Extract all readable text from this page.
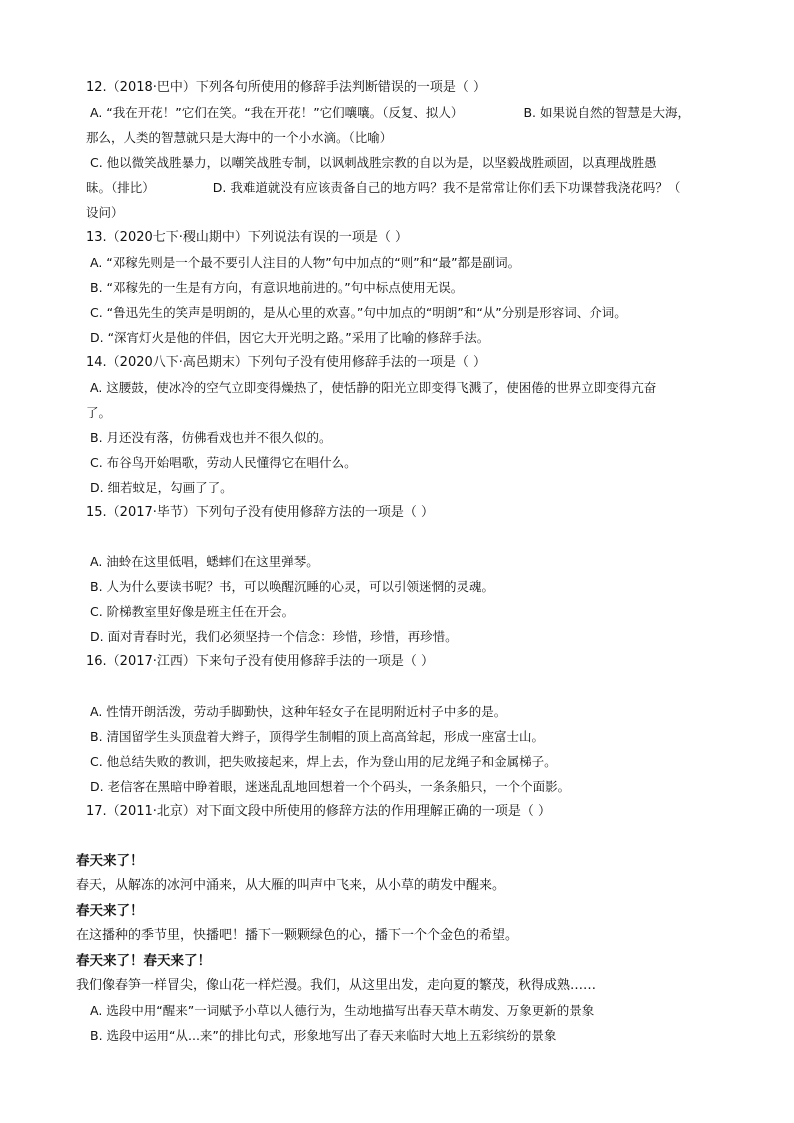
12.（2018·巴中）下列各句所使用的修辞手法判断错误的一项是（ ）
A. “我在开花！”它们在笑。“我在开花！”它们嚷嚷。（反复、拟人）	B. 如果说自然的智慧是大海，
那么，人类的智慧就只是大海中的一个小水滴。（比喻）
C. 他以微笑战胜暴力，以嘲笑战胜专制，以讽刺战胜宗教的自以为是，以坚毅战胜顽固，以真理战胜愚
昧。（排比）	D. 我难道就没有应该责备自己的地方吗？我不是常常让你们丢下功课替我浇花吗？（
设问）
13.（2020七下·稷山期中）下列说法有误的一项是（ ）
A. “邓稼先则是一个最不要引人注目的人物”句中加点的“则”和“最”都是副词。
B. “邓稼先的一生是有方向，有意识地前进的。”句中标点使用无误。
C. “鲁迅先生的笑声是明朗的，是从心里的欢喜。”句中加点的“明朗”和“从”分别是形容词、介词。
D. “深宵灯火是他的伴侣，因它大开光明之路。”采用了比喻的修辞手法。
14.（2020八下·高邑期末）下列句子没有使用修辞手法的一项是（ ）
A. 这腰鼓，使冰冷的空气立即变得燥热了，使恬静的阳光立即变得飞溅了，使困倦的世界立即变得亢奋
了。
B. 月还没有落，仿佛看戏也并不很久似的。
C. 布谷鸟开始唱歌，劳动人民懂得它在唱什么。
D. 细若蚊足，勾画了了。
15.（2017·毕节）下列句子没有使用修辞方法的一项是（ ）
A. 油蛉在这里低唱，蟋蟀们在这里弹琴。
B. 人为什么要读书呢？书，可以唤醒沉睡的心灵，可以引领迷惘的灵魂。
C. 阶梯教室里好像是班主任在开会。
D. 面对青春时光，我们必须坚持一个信念：珍惜，珍惜，再珍惜。
16.（2017·江西）下来句子没有使用修辞手法的一项是（ ）
A. 性情开朗活泼，劳动手脚勤快，这种年轻女子在昆明附近村子中多的是。
B. 清国留学生头顶盘着大辫子，顶得学生制帽的顶上高高耸起，形成一座富士山。
C. 他总结失败的教训，把失败接起来，焊上去，作为登山用的尼龙绳子和金属梯子。
D. 老信客在黑暗中睁着眼，迷迷乱乱地回想着一个个码头，一条条船只，一个个面影。
17.（2011·北京）对下面文段中所使用的修辞方法的作用理解正确的一项是（ ）
春天来了！
春天，从解冻的冰河中涌来，从大雁的叫声中飞来，从小草的萌发中醒来。
春天来了！
在这播种的季节里，快播吧！播下一颗颗绿色的心，播下一个个金色的希望。
春天来了！春天来了！
我们像春笋一样冒尖，像山花一样烂漫。我们，从这里出发，走向夏的繁茂，秋得成熟……
A. 选段中用“醒来”一词赋予小草以人德行为，生动地描写出春天草木萌发、万象更新的景象
B. 选段中运用“从...来”的排比句式，形象地写出了春天来临时大地上五彩缤纷的景象
